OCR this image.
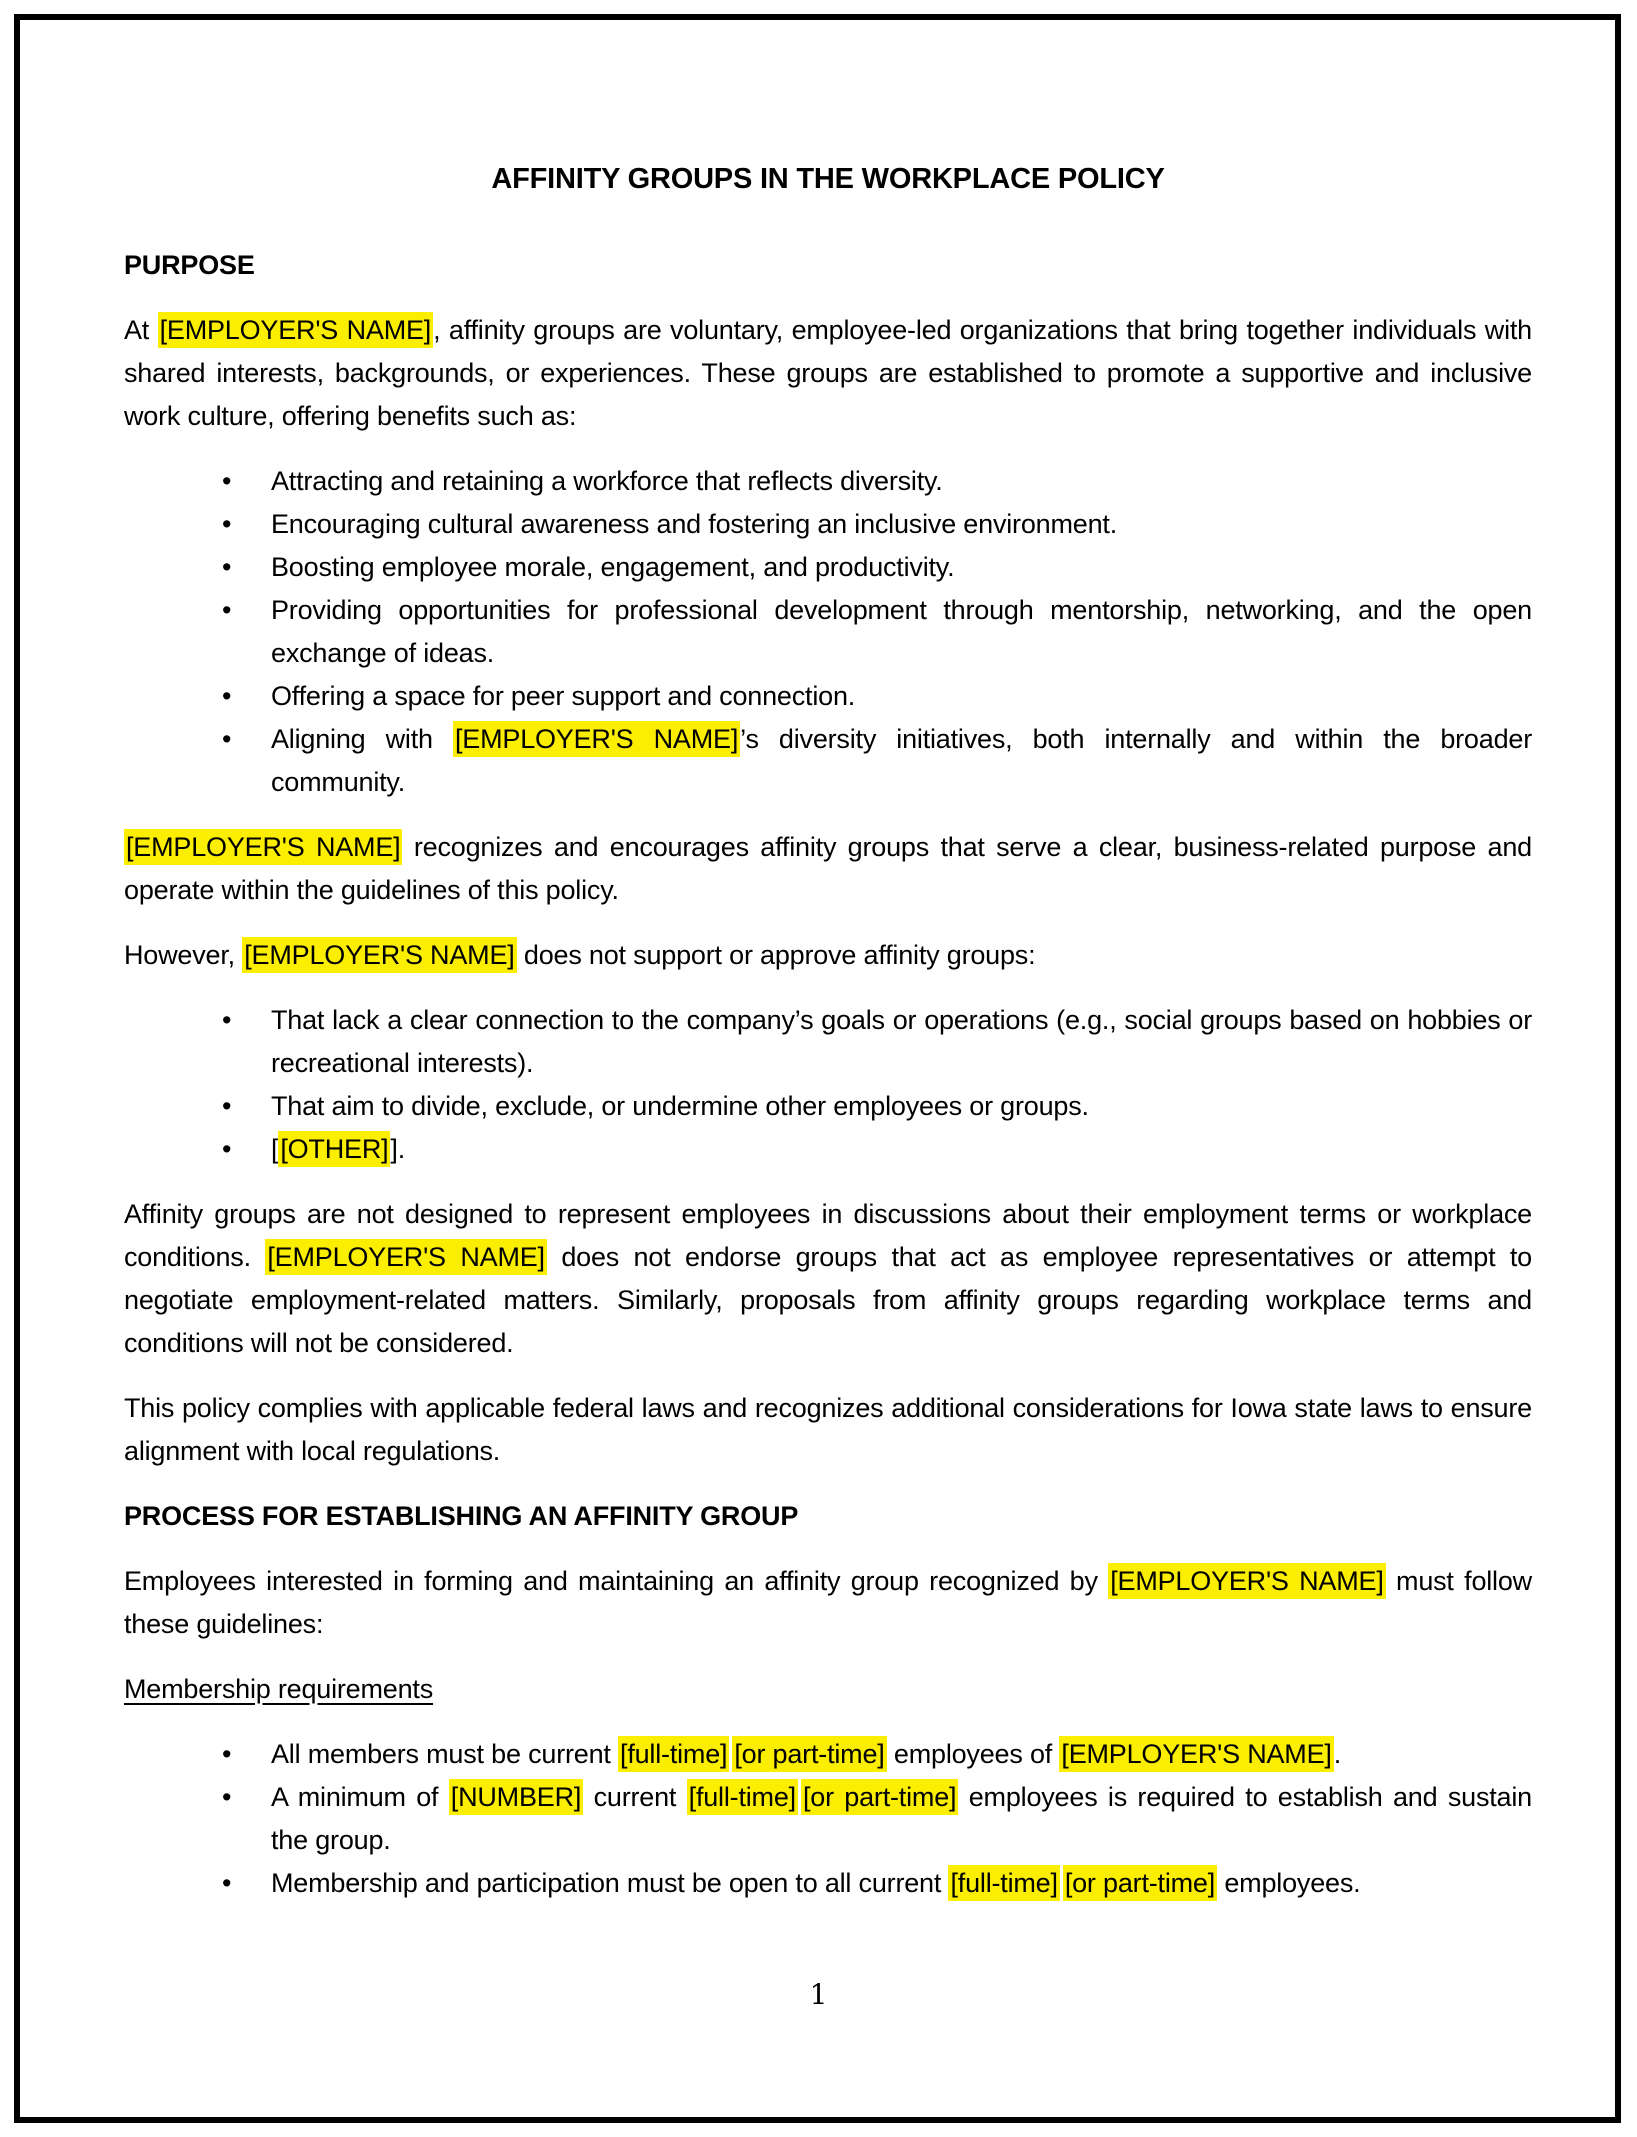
AFFINITY GROUPS IN THE WORKPLACE POLICY
PURPOSE
At [EMPLOYER'S NAME], affinity groups are voluntary, employee-led organizations that bring together individuals with shared interests, backgrounds, or experiences. These groups are established to promote a supportive and inclusive work culture, offering benefits such as:
• Attracting and retaining a workforce that reflects diversity.
• Encouraging cultural awareness and fostering an inclusive environment.
• Boosting employee morale, engagement, and productivity.
• Providing opportunities for professional development through mentorship, networking, and the open exchange of ideas.
• Offering a space for peer support and connection.
• Aligning with [EMPLOYER'S NAME]’s diversity initiatives, both internally and within the broader community.
[EMPLOYER'S NAME] recognizes and encourages affinity groups that serve a clear, business-related purpose and operate within the guidelines of this policy.
However, [EMPLOYER'S NAME] does not support or approve affinity groups:
• That lack a clear connection to the company’s goals or operations (e.g., social groups based on hobbies or recreational interests).
• That aim to divide, exclude, or undermine other employees or groups.
• [[OTHER]].
Affinity groups are not designed to represent employees in discussions about their employment terms or workplace conditions. [EMPLOYER'S NAME] does not endorse groups that act as employee representatives or attempt to negotiate employment-related matters. Similarly, proposals from affinity groups regarding workplace terms and conditions will not be considered.
This policy complies with applicable federal laws and recognizes additional considerations for Iowa state laws to ensure alignment with local regulations.
PROCESS FOR ESTABLISHING AN AFFINITY GROUP
Employees interested in forming and maintaining an affinity group recognized by [EMPLOYER'S NAME] must follow these guidelines:
Membership requirements
• All members must be current [full-time] [or part-time] employees of [EMPLOYER'S NAME].
• A minimum of [NUMBER] current [full-time] [or part-time] employees is required to establish and sustain the group.
• Membership and participation must be open to all current [full-time] [or part-time] employees.
1
